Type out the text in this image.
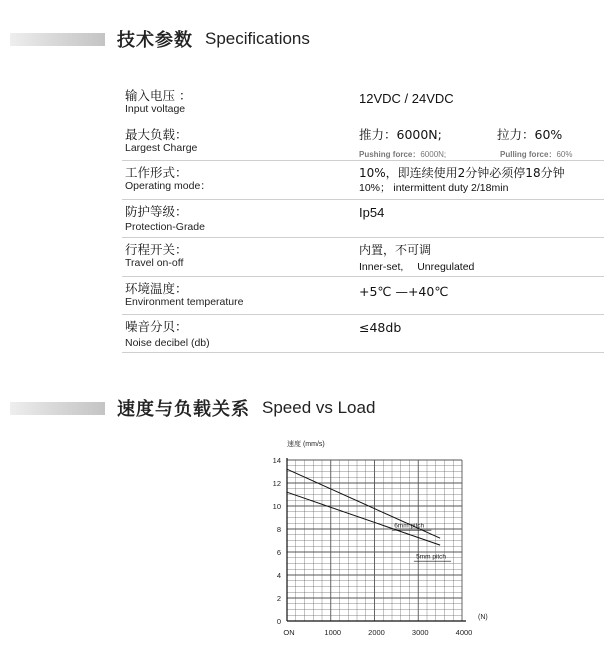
技术参数 Specifications
输入电压 ：
Input voltage
12VDC / 24VDC
最大负载：
Largest Charge
推力：6000N;	拉力：60%
Pushing force：6000N;	Pulling force：60%
工作形式：
Operating mode：
10%，即连续使用2分钟必须停18分钟
10%； intermittent duty 2/18min
防护等级：
Protection-Grade
Ip54
行程开关：
Travel on-off
内置，不可调
Inner-set, Unregulated
环境温度：
Environment temperature
+5℃ —+40℃
噪音分贝：
Noise decibel (db)
≤48db
速度与负载关系 Speed vs Load
0
2
4
6
8
10
12
14
ON	1000	2000	3000	4000
速度 (mm/s)
(N)
6mm pitch
5mm pitch
